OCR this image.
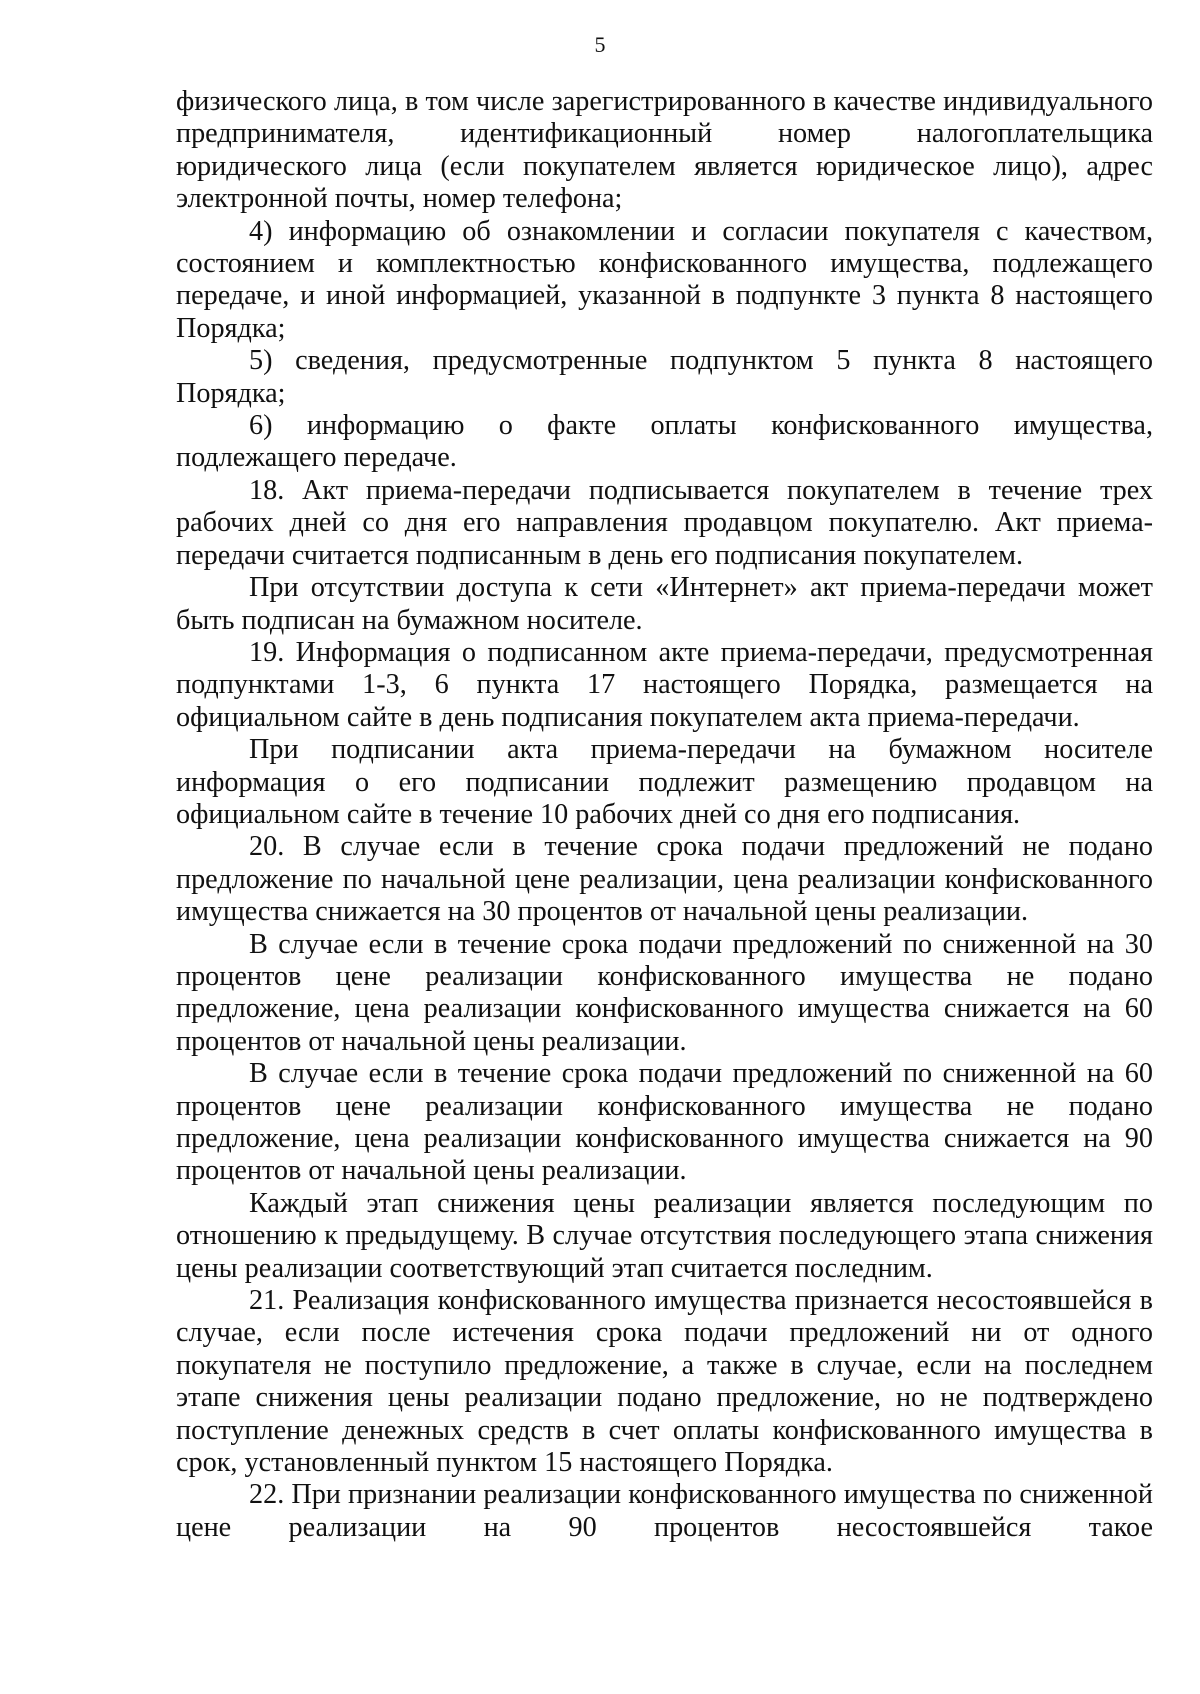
5

физического лица, в том числе зарегистрированного в качестве индивидуального предпринимателя, идентификационный номер налогоплательщика юридического лица (если покупателем является юридическое лицо), адрес электронной почты, номер телефона;

4) информацию об ознакомлении и согласии покупателя с качеством, состоянием и комплектностью конфискованного имущества, подлежащего передаче, и иной информацией, указанной в подпункте 3 пункта 8 настоящего Порядка;

5) сведения, предусмотренные подпунктом 5 пункта 8 настоящего Порядка;

6) информацию о факте оплаты конфискованного имущества, подлежащего передаче.

18. Акт приема-передачи подписывается покупателем в течение трех рабочих дней со дня его направления продавцом покупателю. Акт приема-передачи считается подписанным в день его подписания покупателем.

При отсутствии доступа к сети «Интернет» акт приема-передачи может быть подписан на бумажном носителе.

19. Информация о подписанном акте приема-передачи, предусмотренная подпунктами 1-3, 6 пункта 17 настоящего Порядка, размещается на официальном сайте в день подписания покупателем акта приема-передачи.

При подписании акта приема-передачи на бумажном носителе информация о его подписании подлежит размещению продавцом на официальном сайте в течение 10 рабочих дней со дня его подписания.

20. В случае если в течение срока подачи предложений не подано предложение по начальной цене реализации, цена реализации конфискованного имущества снижается на 30 процентов от начальной цены реализации.

В случае если в течение срока подачи предложений по сниженной на 30 процентов цене реализации конфискованного имущества не подано предложение, цена реализации конфискованного имущества снижается на 60 процентов от начальной цены реализации.

В случае если в течение срока подачи предложений по сниженной на 60 процентов цене реализации конфискованного имущества не подано предложение, цена реализации конфискованного имущества снижается на 90 процентов от начальной цены реализации.

Каждый этап снижения цены реализации является последующим по отношению к предыдущему. В случае отсутствия последующего этапа снижения цены реализации соответствующий этап считается последним.

21. Реализация конфискованного имущества признается несостоявшейся в случае, если после истечения срока подачи предложений ни от одного покупателя не поступило предложение, а также в случае, если на последнем этапе снижения цены реализации подано предложение, но не подтверждено поступление денежных средств в счет оплаты конфискованного имущества в срок, установленный пунктом 15 настоящего Порядка.

22. При признании реализации конфискованного имущества по сниженной цене реализации на 90 процентов несостоявшейся такое
